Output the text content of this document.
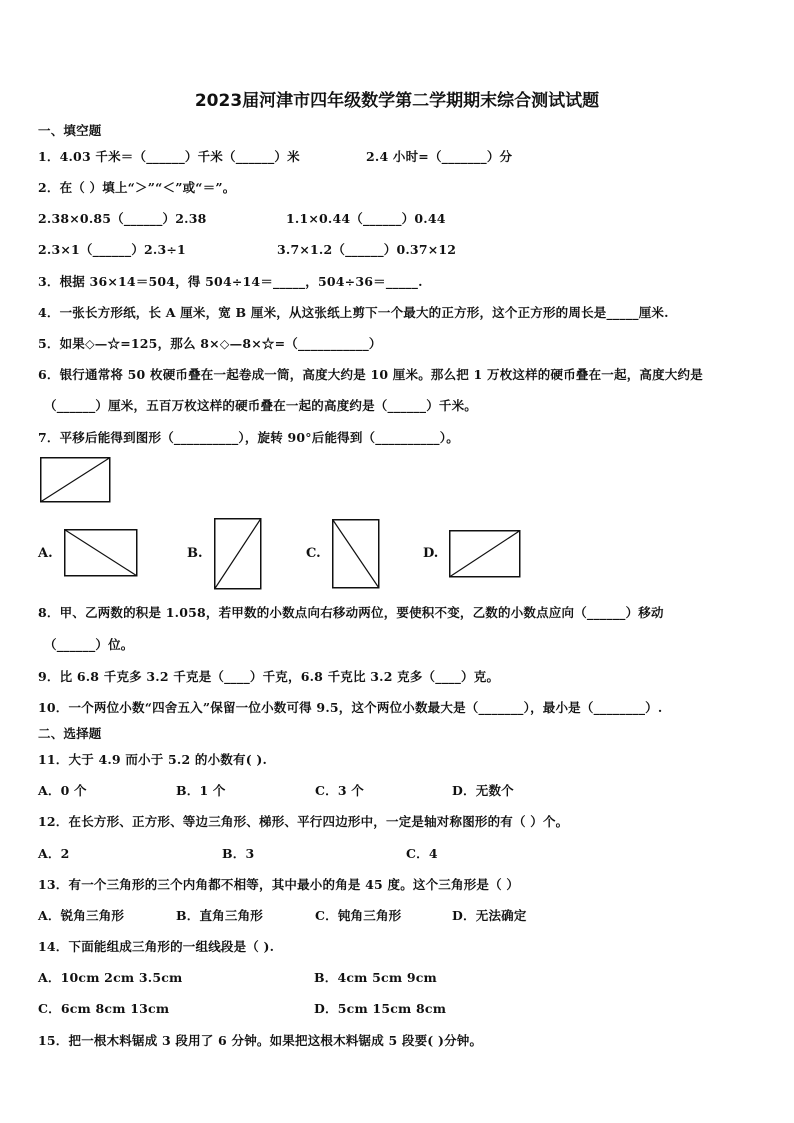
2023届河津市四年级数学第二学期期末综合测试试题
一、填空题
1．4.03 千米＝（______）千米（______）米	2.4 小时=（_______）分
2．在（ ）填上“＞”“＜”或“＝”。
2.38×0.85（______）2.38	1.1×0.44（______）0.44
2.3×1（______）2.3÷1	3.7×1.2（______）0.37×12
3．根据 36×14＝504，得 504÷14＝_____，504÷36＝_____.
4．一张长方形纸，长 A 厘米，宽 B 厘米，从这张纸上剪下一个最大的正方形，这个正方形的周长是_____厘米.
5．如果◇—☆=125，那么 8×◇—8×☆=（___________）
6．银行通常将 50 枚硬币叠在一起卷成一筒，高度大约是 10 厘米。那么把 1 万枚这样的硬币叠在一起，高度大约是
（______）厘米，五百万枚这样的硬币叠在一起的高度约是（______）千米。
7．平移后能得到图形（__________），旋转 90°后能得到（__________）。
A.	B.	C.	D.
8．甲、乙两数的积是 1.058，若甲数的小数点向右移动两位，要使积不变，乙数的小数点应向（______）移动
（______）位。
9．比 6.8 千克多 3.2 千克是（____）千克，6.8 千克比 3.2 克多（____）克。
10．一个两位小数“四舍五入”保留一位小数可得 9.5，这个两位小数最大是（_______），最小是（________）.
二、选择题
11．大于 4.9 而小于 5.2 的小数有( ).
A．0 个	B．1 个	C．3 个	D．无数个
12．在长方形、正方形、等边三角形、梯形、平行四边形中，一定是轴对称图形的有（ ）个。
A．2	B．3	C．4
13．有一个三角形的三个内角都不相等，其中最小的角是 45 度。这个三角形是（ ）
A．锐角三角形	B．直角三角形	C．钝角三角形	D．无法确定
14．下面能组成三角形的一组线段是（ ).
A．10cm 2cm 3.5cm	B．4cm 5cm 9cm
C．6cm 8cm 13cm	D．5cm 15cm 8cm
15．把一根木料锯成 3 段用了 6 分钟。如果把这根木料锯成 5 段要( )分钟。
